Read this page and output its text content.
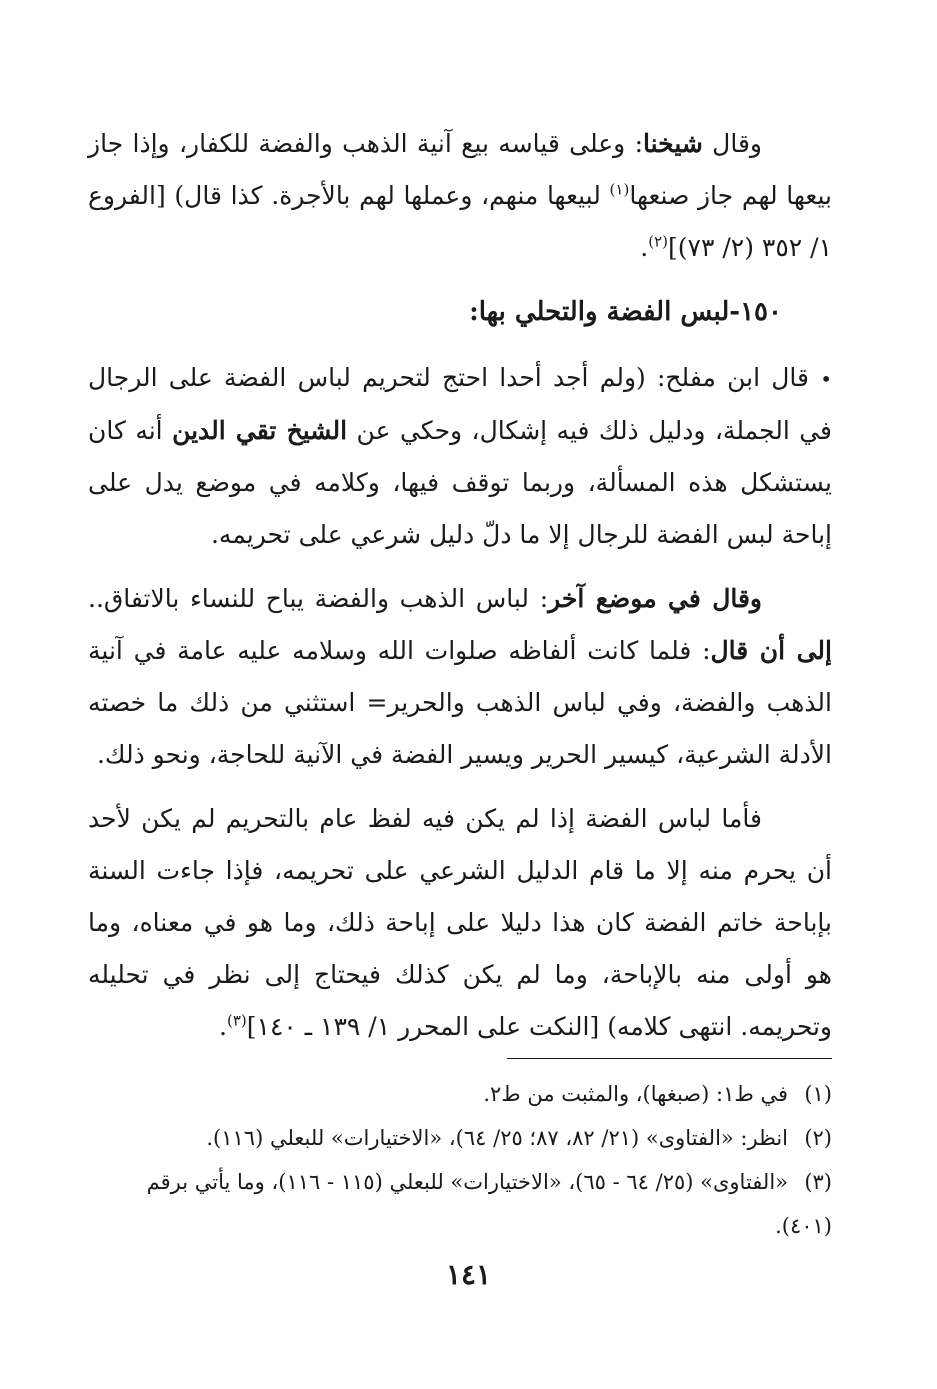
وقال شيخنا: وعلى قياسه بيع آنية الذهب والفضة للكفار، وإذا جاز بيعها لهم جاز صنعها$^{(١)}$ لبيعها منهم، وعملها لهم بالأجرة. كذا قال) [الفروع ١/ ٣٥٢ (٢/ ٧٣)]$^{(٢)}$.

١٥٠-لبس الفضة والتحلي بها:

• قال ابن مفلح: (ولم أجد أحدا احتج لتحريم لباس الفضة على الرجال في الجملة، ودليل ذلك فيه إشكال، وحكي عن الشيخ تقي الدين أنه كان يستشكل هذه المسألة، وربما توقف فيها، وكلامه في موضع يدل على إباحة لبس الفضة للرجال إلا ما دلّ دليل شرعي على تحريمه.

وقال في موضع آخر: لباس الذهب والفضة يباح للنساء بالاتفاق.. إلى أن قال: فلما كانت ألفاظه صلوات الله وسلامه عليه عامة في آنية الذهب والفضة، وفي لباس الذهب والحرير= استثني من ذلك ما خصته الأدلة الشرعية، كيسير الحرير ويسير الفضة في الآنية للحاجة، ونحو ذلك.

فأما لباس الفضة إذا لم يكن فيه لفظ عام بالتحريم لم يكن لأحد أن يحرم منه إلا ما قام الدليل الشرعي على تحريمه، فإذا جاءت السنة بإباحة خاتم الفضة كان هذا دليلا على إباحة ذلك، وما هو في معناه، وما هو أولى منه بالإباحة، وما لم يكن كذلك فيحتاج إلى نظر في تحليله وتحريمه. انتهى كلامه) [النكت على المحرر ١/ ١٣٩ ـ ١٤٠]$^{(٣)}$.

(١)في ط١: (صبغها)، والمثبت من ط٢.

(٢)انظر: «الفتاوى» (٢١/ ٨٢، ٨٧؛ ٢٥/ ٦٤)، «الاختيارات» للبعلي (١١٦).

(٣)«الفتاوى» (٢٥/ ٦٤ - ٦٥)، «الاختيارات» للبعلي (١١٥ - ١١٦)، وما يأتي برقم (٤٠١).

١٤١
